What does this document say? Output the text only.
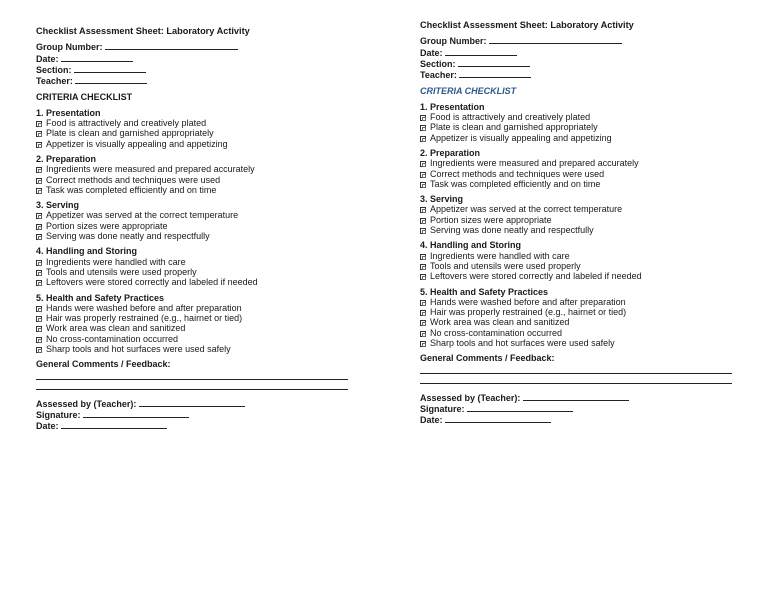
Checklist Assessment Sheet: Laboratory Activity
Group Number:
Date:
Section:
Teacher:
CRITERIA CHECKLIST
1. Presentation
Food is attractively and creatively plated
Plate is clean and garnished appropriately
Appetizer is visually appealing and appetizing
2. Preparation
Ingredients were measured and prepared accurately
Correct methods and techniques were used
Task was completed efficiently and on time
3. Serving
Appetizer was served at the correct temperature
Portion sizes were appropriate
Serving was done neatly and respectfully
4. Handling and Storing
Ingredients were handled with care
Tools and utensils were used properly
Leftovers were stored correctly and labeled if needed
5. Health and Safety Practices
Hands were washed before and after preparation
Hair was properly restrained (e.g., hairnet or tied)
Work area was clean and sanitized
No cross-contamination occurred
Sharp tools and hot surfaces were used safely
General Comments / Feedback:
Assessed by (Teacher):
Signature:
Date:
Checklist Assessment Sheet: Laboratory Activity
Group Number:
Date:
Section:
Teacher:
CRITERIA CHECKLIST
1. Presentation
Food is attractively and creatively plated
Plate is clean and garnished appropriately
Appetizer is visually appealing and appetizing
2. Preparation
Ingredients were measured and prepared accurately
Correct methods and techniques were used
Task was completed efficiently and on time
3. Serving
Appetizer was served at the correct temperature
Portion sizes were appropriate
Serving was done neatly and respectfully
4. Handling and Storing
Ingredients were handled with care
Tools and utensils were used properly
Leftovers were stored correctly and labeled if needed
5. Health and Safety Practices
Hands were washed before and after preparation
Hair was properly restrained (e.g., hairnet or tied)
Work area was clean and sanitized
No cross-contamination occurred
Sharp tools and hot surfaces were used safely
General Comments / Feedback:
Assessed by (Teacher):
Signature:
Date:
